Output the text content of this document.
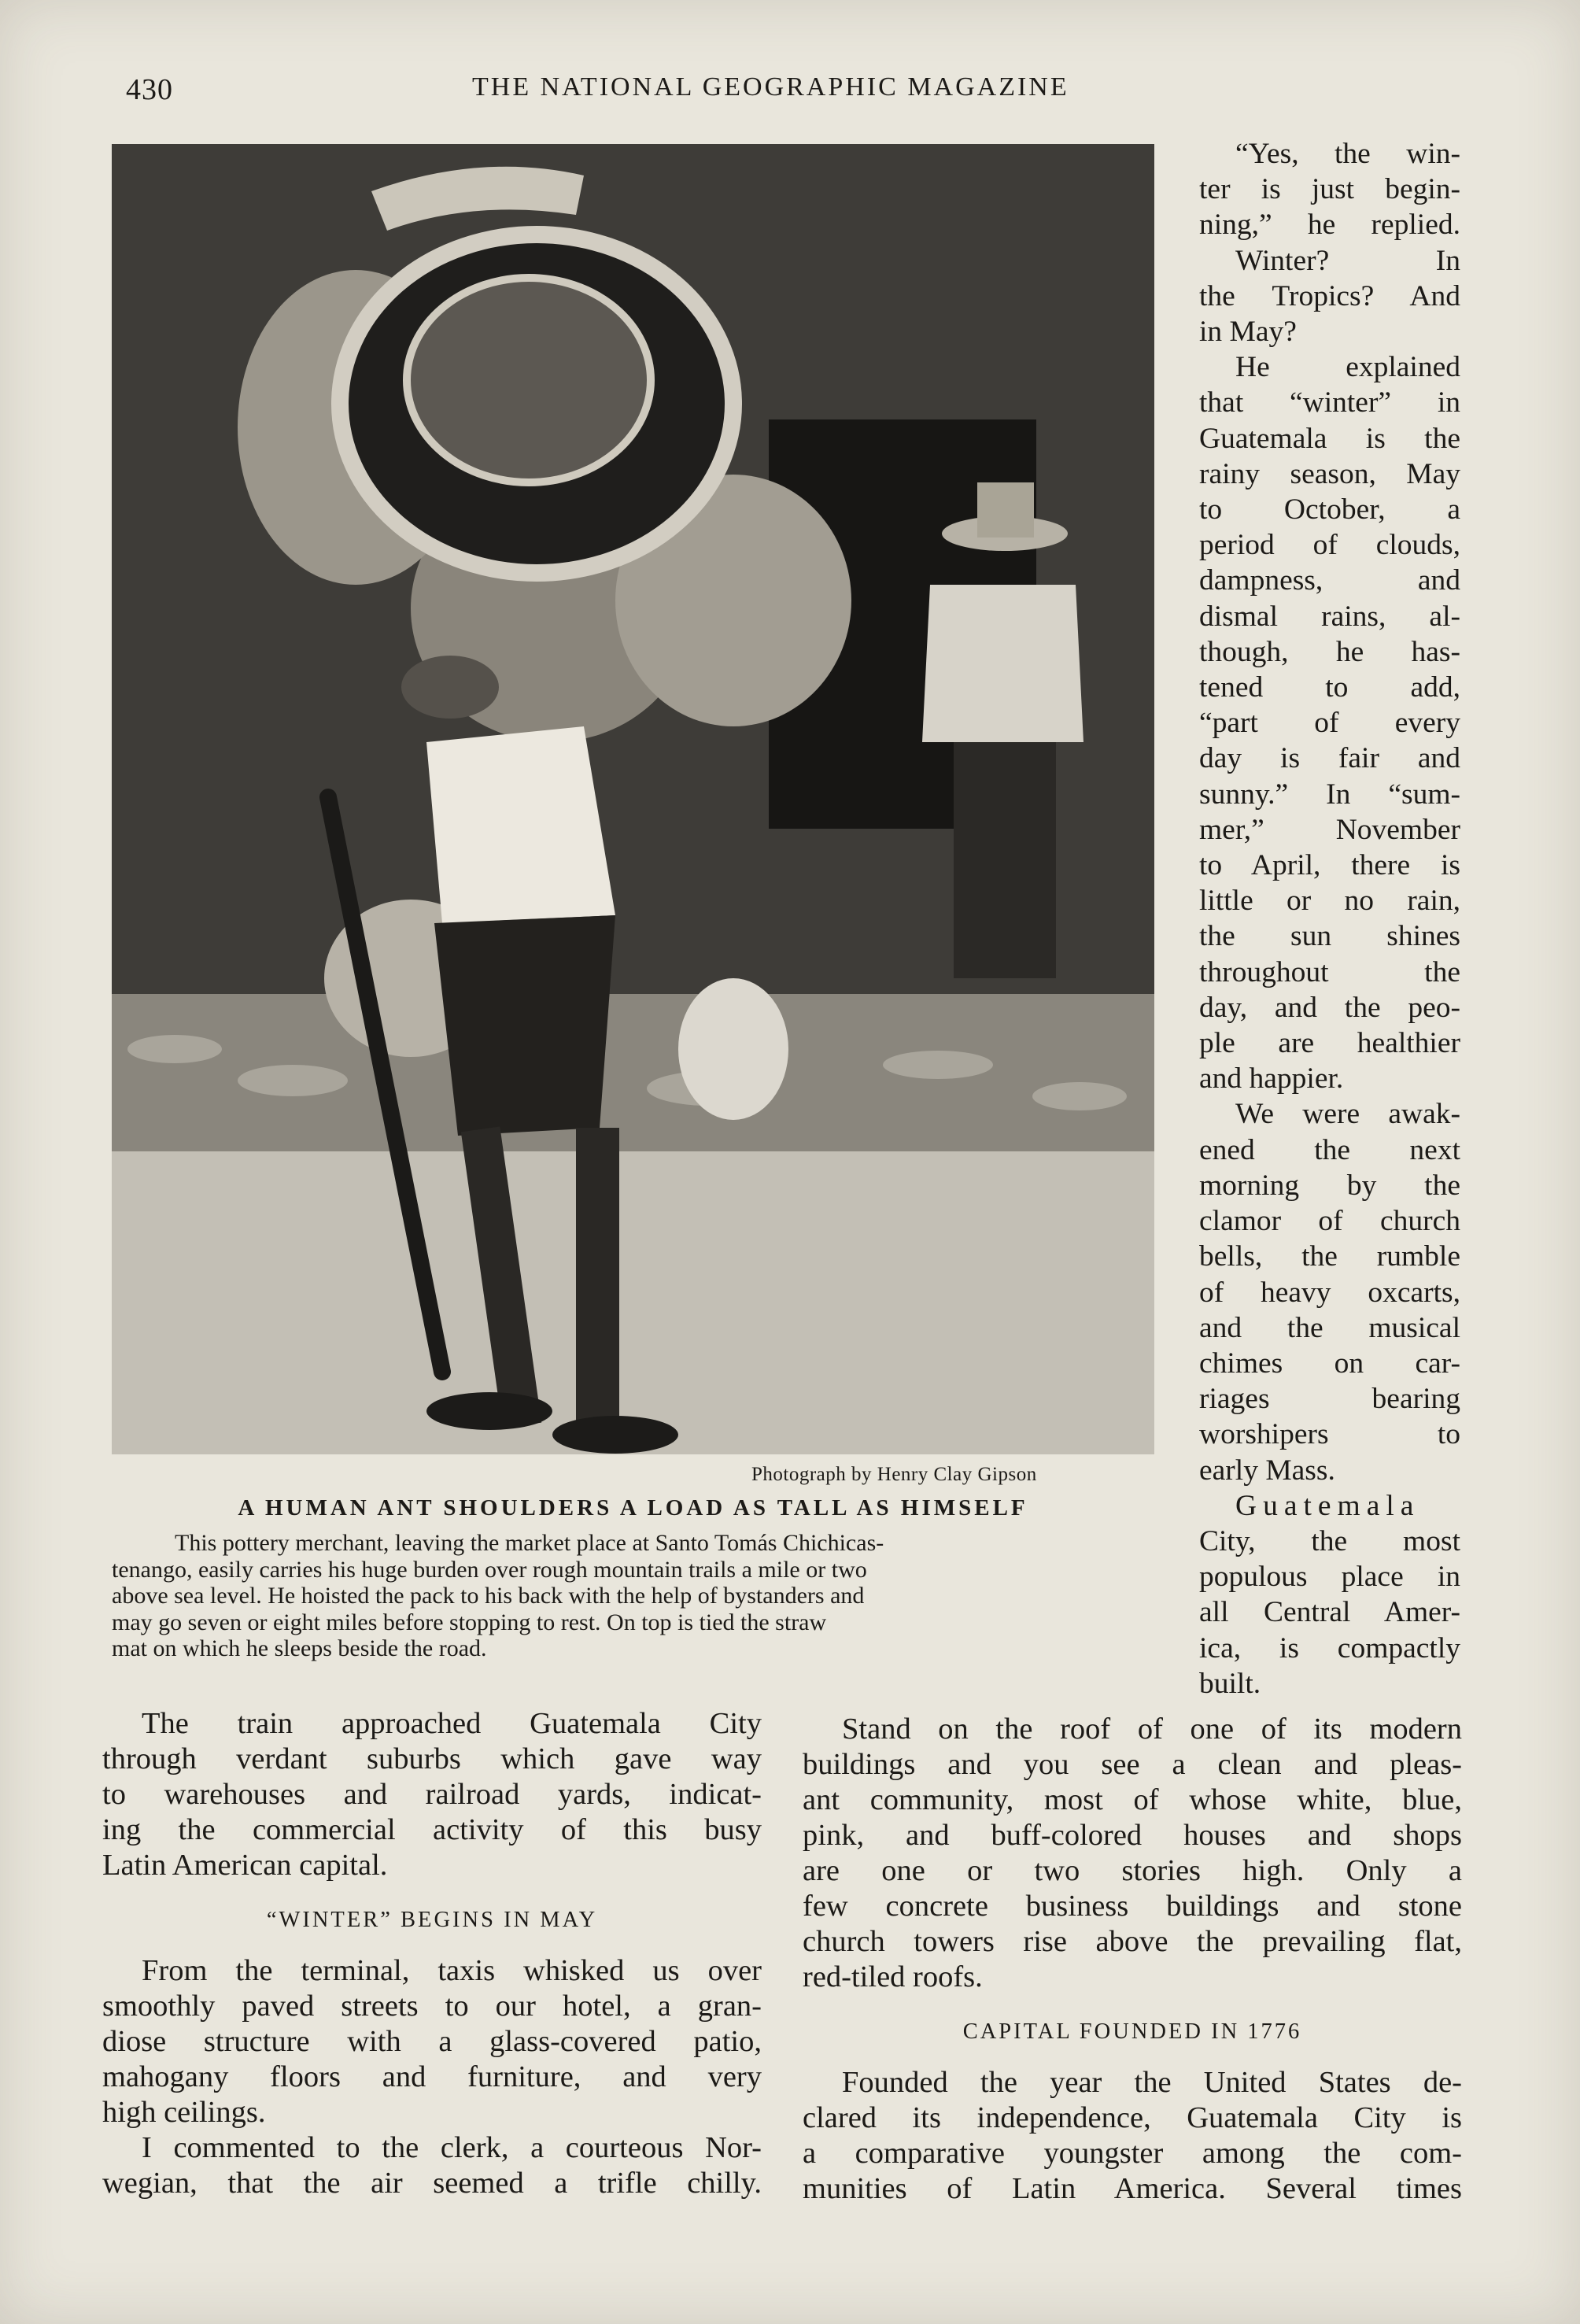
430	THE NATIONAL GEOGRAPHIC MAGAZINE
Photograph by Henry Clay Gipson
A HUMAN ANT SHOULDERS A LOAD AS TALL AS HIMSELF

This pottery merchant, leaving the market place at Santo Tomás Chichicas-

tenango, easily carries his huge burden over rough mountain trails a mile or two

above sea level. He hoisted the pack to his back with the help of bystanders and

may go seven or eight miles before stopping to rest. On top is tied the straw

mat on which he sleeps beside the road.

“Yes, the win-
ter is just begin-
ning,” he replied.
Winter? In
the Tropics? And
in May?
He explained
that “winter” in
Guatemala is the
rainy season, May
to October, a
period of clouds,
dampness, and
dismal rains, al-
though, he has-
tened to add,
“part of every
day is fair and
sunny.” In “sum-
mer,” November
to April, there is
little or no rain,
the sun shines
throughout the
day, and the peo-
ple are healthier
and happier.
We were awak-
ened the next
morning by the
clamor of church
bells, the rumble
of heavy oxcarts,
and the musical
chimes on car-
riages bearing
worshipers to
early Mass.
Guatemala
City, the most
populous place in
all Central Amer-
ica, is compactly
built.
The train approached Guatemala City
through verdant suburbs which gave way
to warehouses and railroad yards, indicat-
ing the commercial activity of this busy
Latin American capital.
“WINTER” BEGINS IN MAY
From the terminal, taxis whisked us over
smoothly paved streets to our hotel, a gran-
diose structure with a glass-covered patio,
mahogany floors and furniture, and very
high ceilings.
I commented to the clerk, a courteous Nor-
wegian, that the air seemed a trifle chilly.
Stand on the roof of one of its modern
buildings and you see a clean and pleas-
ant community, most of whose white, blue,
pink, and buff-colored houses and shops
are one or two stories high. Only a
few concrete business buildings and stone
church towers rise above the prevailing flat,
red-tiled roofs.
CAPITAL FOUNDED IN 1776
Founded the year the United States de-
clared its independence, Guatemala City is
a comparative youngster among the com-
munities of Latin America. Several times
